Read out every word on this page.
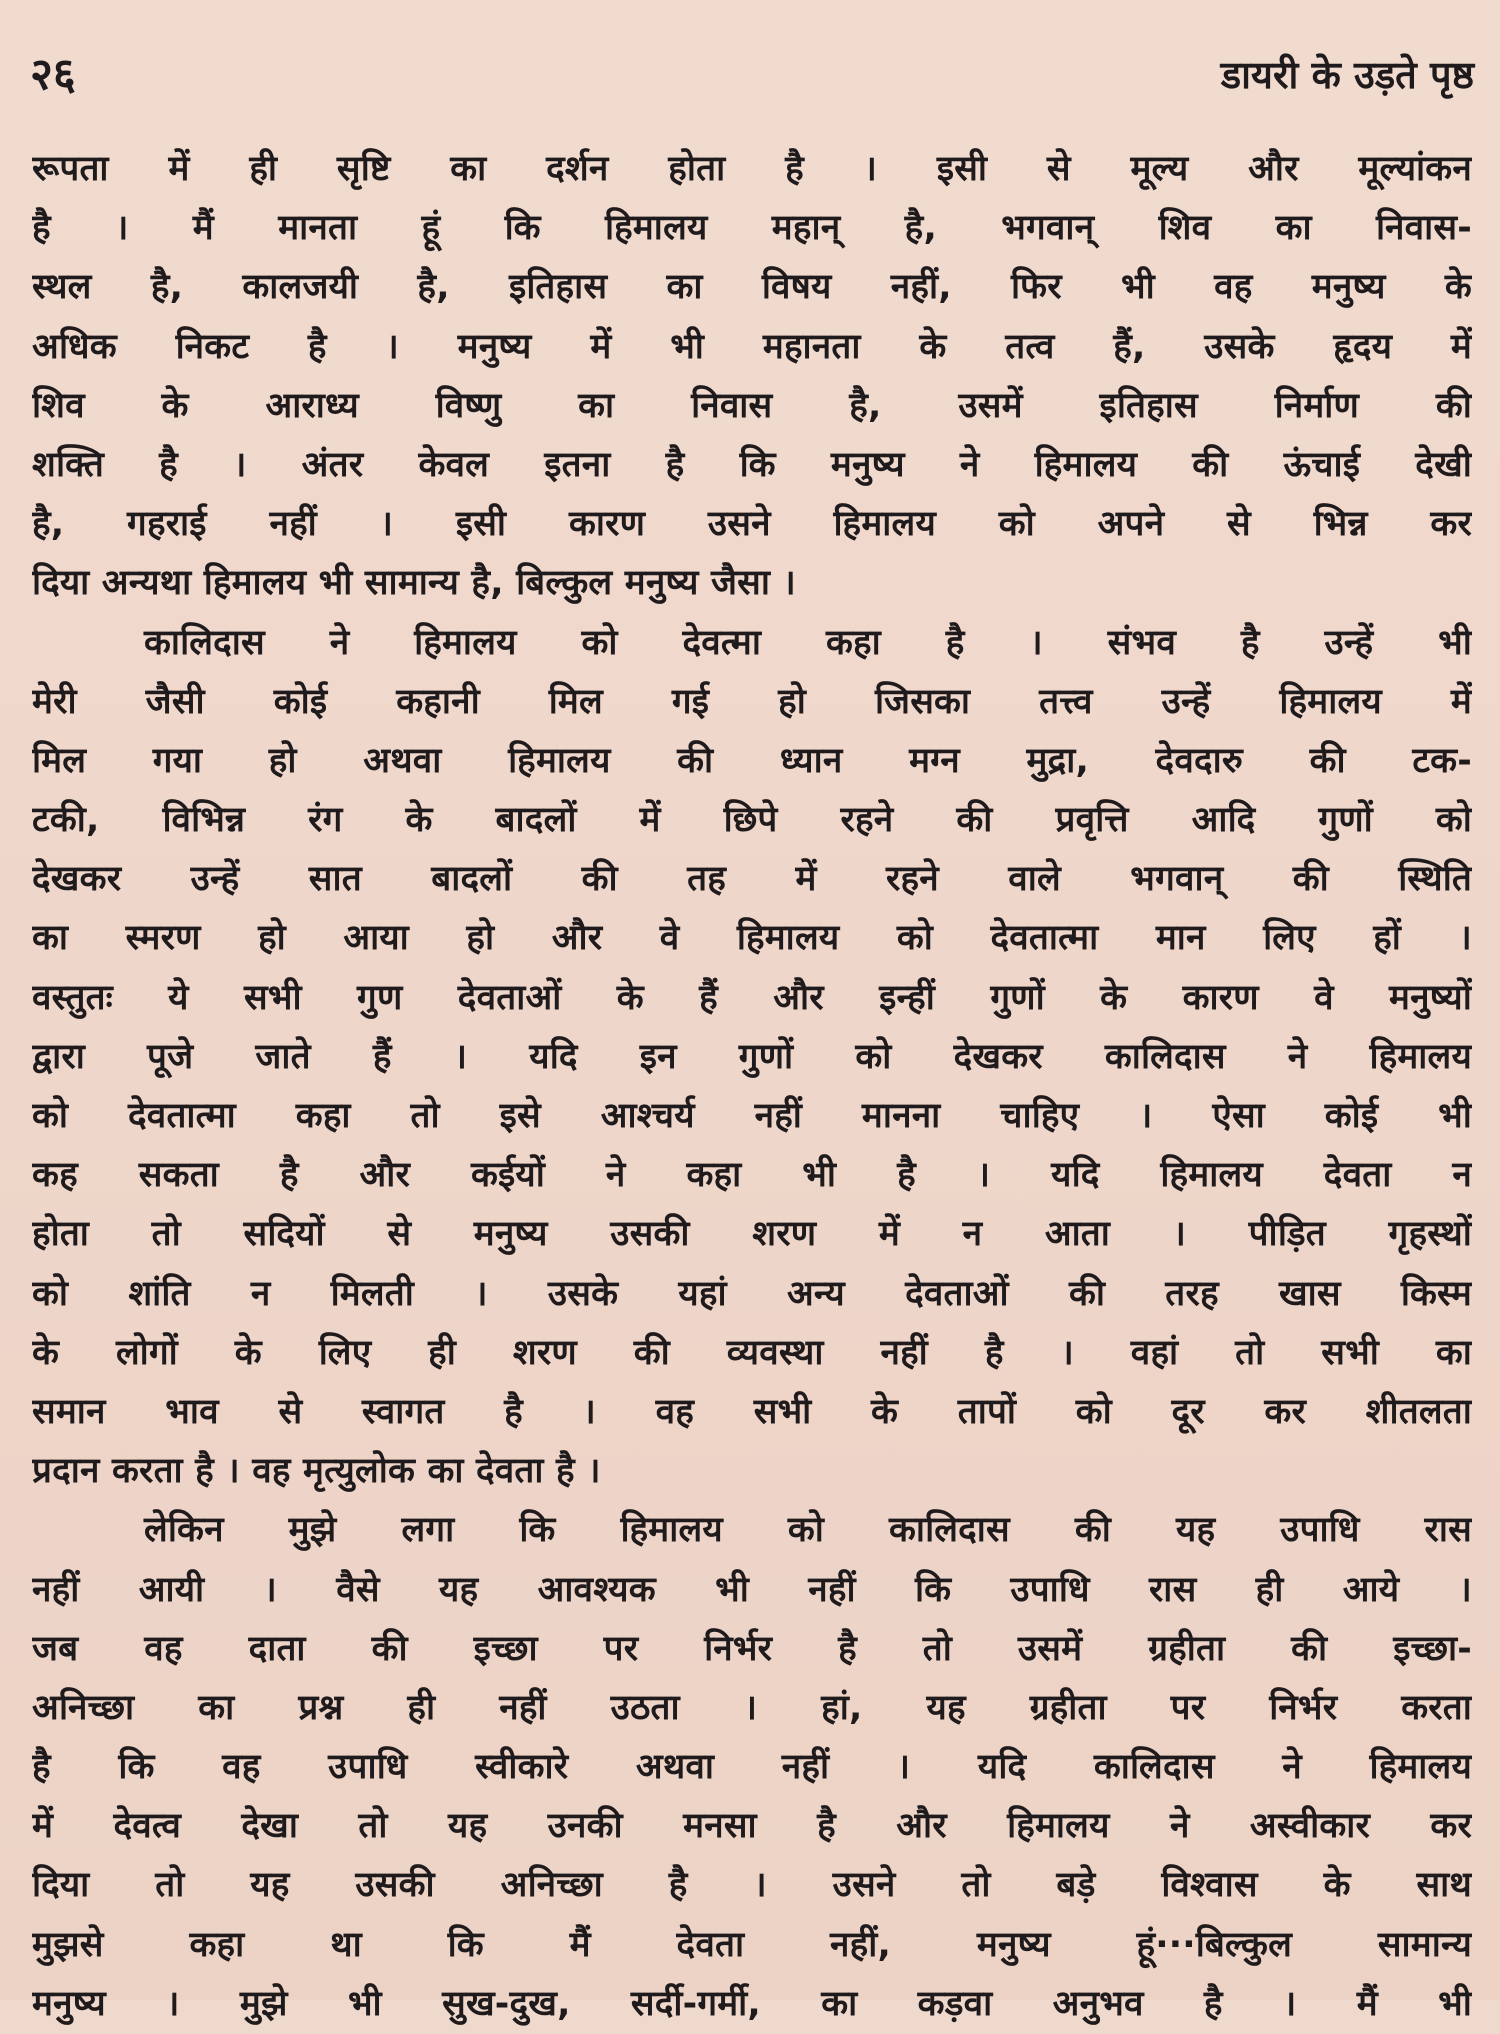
२६	डायरी के उड़ते पृष्ठ
रूपता में ही सृष्टि का दर्शन होता है । इसी से मूल्य और मूल्यांकन
है । मैं मानता हूं कि हिमालय महान् है, भगवान् शिव का निवास-
स्थल है, कालजयी है, इतिहास का विषय नहीं, फिर भी वह मनुष्य के
अधिक निकट है । मनुष्य में भी महानता के तत्व हैं, उसके हृदय में
शिव के आराध्य विष्णु का निवास है, उसमें इतिहास निर्माण की
शक्ति है । अंतर केवल इतना है कि मनुष्य ने हिमालय की ऊंचाई देखी
है, गहराई नहीं । इसी कारण उसने हिमालय को अपने से भिन्न कर
दिया अन्यथा हिमालय भी सामान्य है, बिल्कुल मनुष्य जैसा ।
कालिदास ने हिमालय को देवत्मा कहा है । संभव है उन्हें भी
मेरी जैसी कोई कहानी मिल गई हो जिसका तत्त्व उन्हें हिमालय में
मिल गया हो अथवा हिमालय की ध्यान मग्न मुद्रा, देवदारु की टक-
टकी, विभिन्न रंग के बादलों में छिपे रहने की प्रवृत्ति आदि गुणों को
देखकर उन्हें सात बादलों की तह में रहने वाले भगवान् की स्थिति
का स्मरण हो आया हो और वे हिमालय को देवतात्मा मान लिए हों ।
वस्तुतः ये सभी गुण देवताओं के हैं और इन्हीं गुणों के कारण वे मनुष्यों
द्वारा पूजे जाते हैं । यदि इन गुणों को देखकर कालिदास ने हिमालय
को देवतात्मा कहा तो इसे आश्चर्य नहीं मानना चाहिए । ऐसा कोई भी
कह सकता है और कईयों ने कहा भी है । यदि हिमालय देवता न
होता तो सदियों से मनुष्य उसकी शरण में न आता । पीड़ित गृहस्थों
को शांति न मिलती । उसके यहां अन्य देवताओं की तरह खास किस्म
के लोगों के लिए ही शरण की व्यवस्था नहीं है । वहां तो सभी का
समान भाव से स्वागत है । वह सभी के तापों को दूर कर शीतलता
प्रदान करता है । वह मृत्युलोक का देवता है ।
लेकिन मुझे लगा कि हिमालय को कालिदास की यह उपाधि रास
नहीं आयी । वैसे यह आवश्यक भी नहीं कि उपाधि रास ही आये ।
जब वह दाता की इच्छा पर निर्भर है तो उसमें ग्रहीता की इच्छा-
अनिच्छा का प्रश्न ही नहीं उठता । हां, यह ग्रहीता पर निर्भर करता
है कि वह उपाधि स्वीकारे अथवा नहीं । यदि कालिदास ने हिमालय
में देवत्व देखा तो यह उनकी मनसा है और हिमालय ने अस्वीकार कर
दिया तो यह उसकी अनिच्छा है । उसने तो बड़े विश्वास के साथ
मुझसे कहा था कि मैं देवता नहीं, मनुष्य हूं···बिल्कुल सामान्य
मनुष्य । मुझे भी सुख-दुख, सर्दी-गर्मी, का कड़वा अनुभव है । मैं भी
